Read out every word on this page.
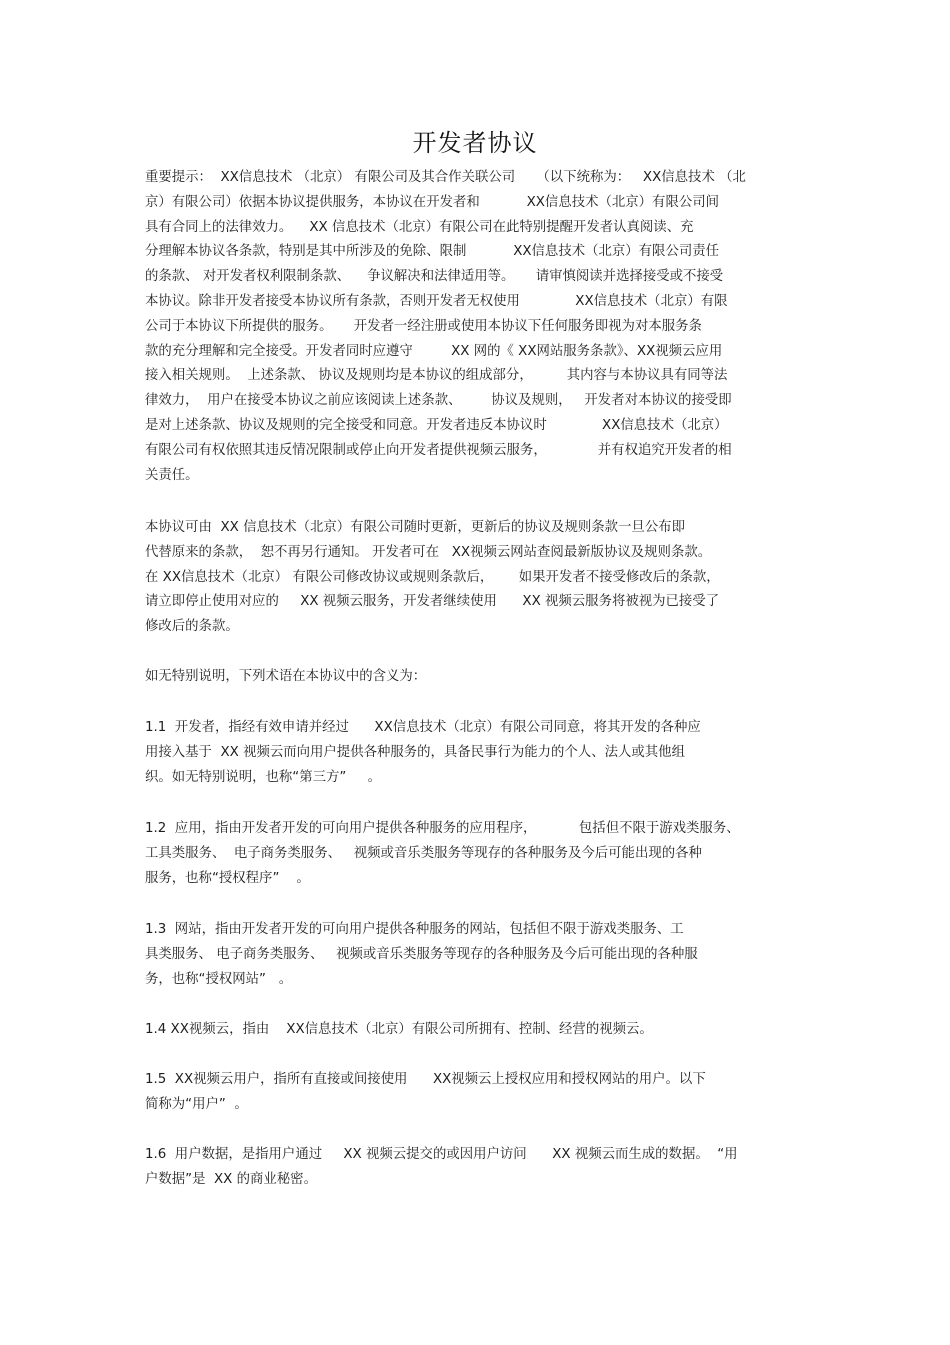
开发者协议
重要提示：  XX信息技术 （北京） 有限公司及其合作关联公司     （以下统称为：   XX信息技术 （北
京）有限公司）依据本协议提供服务，本协议在开发者和           XX信息技术（北京）有限公司间
具有合同上的法律效力。    XX 信息技术（北京）有限公司在此特别提醒开发者认真阅读、充
分理解本协议各条款，特别是其中所涉及的免除、限制           XX信息技术（北京）有限公司责任
的条款、 对开发者权利限制条款、    争议解决和法律适用等。     请审慎阅读并选择接受或不接受
本协议。除非开发者接受本协议所有条款，否则开发者无权使用             XX信息技术（北京）有限
公司于本协议下所提供的服务。     开发者一经注册或使用本协议下任何服务即视为对本服务条
款的充分理解和完全接受。开发者同时应遵守         XX 网的《 XX网站服务条款》、XX视频云应用
接入相关规则。  上述条款、 协议及规则均是本协议的组成部分，        其内容与本协议具有同等法
律效力，  用户在接受本协议之前应该阅读上述条款、       协议及规则，   开发者对本协议的接受即
是对上述条款、协议及规则的完全接受和同意。开发者违反本协议时             XX信息技术（北京）
有限公司有权依照其违反情况限制或停止向开发者提供视频云服务，            并有权追究开发者的相
关责任。
本协议可由  XX 信息技术（北京）有限公司随时更新，更新后的协议及规则条款一旦公布即
代替原来的条款，  恕不再另行通知。 开发者可在   XX视频云网站查阅最新版协议及规则条款。
在 XX信息技术（北京） 有限公司修改协议或规则条款后，      如果开发者不接受修改后的条款，
请立即停止使用对应的     XX 视频云服务，开发者继续使用      XX 视频云服务将被视为已接受了
修改后的条款。
如无特别说明，下列术语在本协议中的含义为：
1.1  开发者，指经有效申请并经过      XX信息技术（北京）有限公司同意，将其开发的各种应
用接入基于  XX 视频云而向用户提供各种服务的，具备民事行为能力的个人、法人或其他组
织。如无特别说明，也称“第三方”     。
1.2  应用，指由开发者开发的可向用户提供各种服务的应用程序，          包括但不限于游戏类服务、
工具类服务、  电子商务类服务、   视频或音乐类服务等现存的各种服务及今后可能出现的各种
服务，也称“授权程序”    。
1.3  网站，指由开发者开发的可向用户提供各种服务的网站，包括但不限于游戏类服务、工
具类服务、 电子商务类服务、   视频或音乐类服务等现存的各种服务及今后可能出现的各种服
务，也称“授权网站”   。
1.4 XX视频云，指由    XX信息技术（北京）有限公司所拥有、控制、经营的视频云。
1.5  XX视频云用户，指所有直接或间接使用      XX视频云上授权应用和授权网站的用户。以下
简称为“用户”  。
1.6  用户数据，是指用户通过     XX 视频云提交的或因用户访问      XX 视频云而生成的数据。  “用
户数据”是  XX 的商业秘密。
